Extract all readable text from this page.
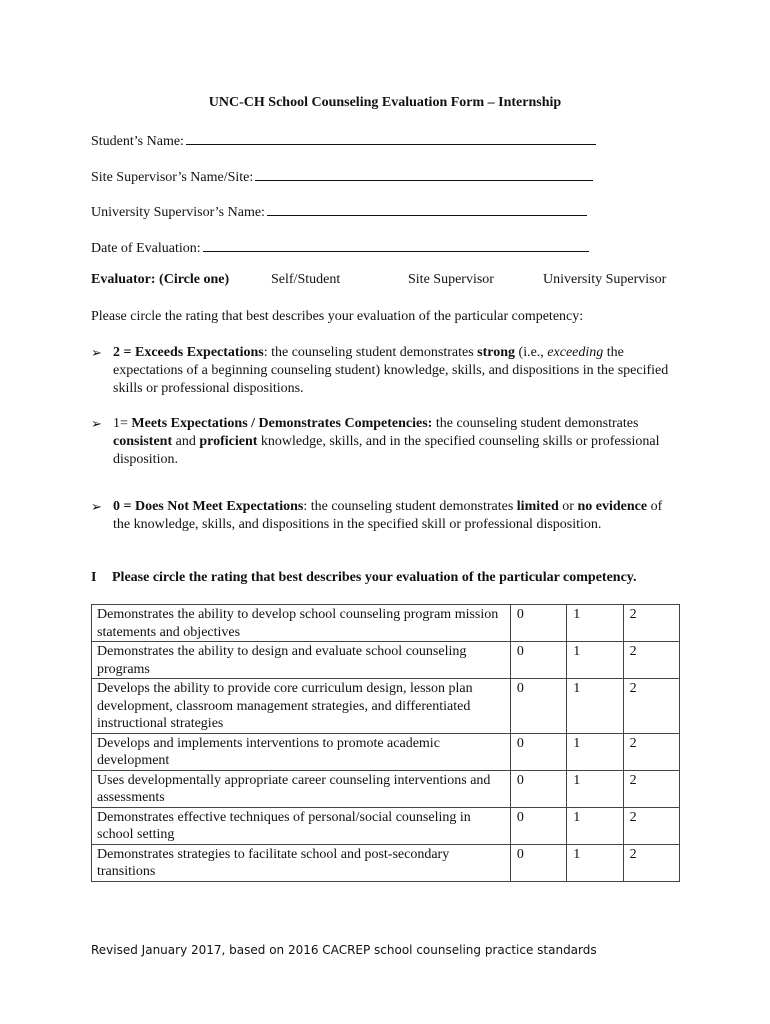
UNC-CH School Counseling Evaluation Form – Internship
Student’s Name:
Site Supervisor’s Name/Site:
University Supervisor’s Name:
Date of Evaluation:
Evaluator: (Circle one)	Self/Student	Site Supervisor	University Supervisor
Please circle the rating that best describes your evaluation of the particular competency:
➢ 2 = Exceeds Expectations: the counseling student demonstrates strong (i.e., exceeding the expectations of a beginning counseling student) knowledge, skills, and dispositions in the specified skills or professional dispositions.
➢ 1= Meets Expectations / Demonstrates Competencies: the counseling student demonstrates consistent and proficient knowledge, skills, and in the specified counseling skills or professional disposition.
➢ 0 = Does Not Meet Expectations: the counseling student demonstrates limited or no evidence of the knowledge, skills, and dispositions in the specified skill or professional disposition.
I Please circle the rating that best describes your evaluation of the particular competency.
Demonstrates the ability to develop school counseling program mission statements and objectives	0	1	2
Demonstrates the ability to design and evaluate school counseling programs	0	1	2
Develops the ability to provide core curriculum design, lesson plan development, classroom management strategies, and differentiated instructional strategies	0	1	2
Develops and implements interventions to promote academic development	0	1	2
Uses developmentally appropriate career counseling interventions and assessments	0	1	2
Demonstrates effective techniques of personal/social counseling in school setting	0	1	2
Demonstrates strategies to facilitate school and post-secondary transitions	0	1	2
Revised January 2017, based on 2016 CACREP school counseling practice standards
